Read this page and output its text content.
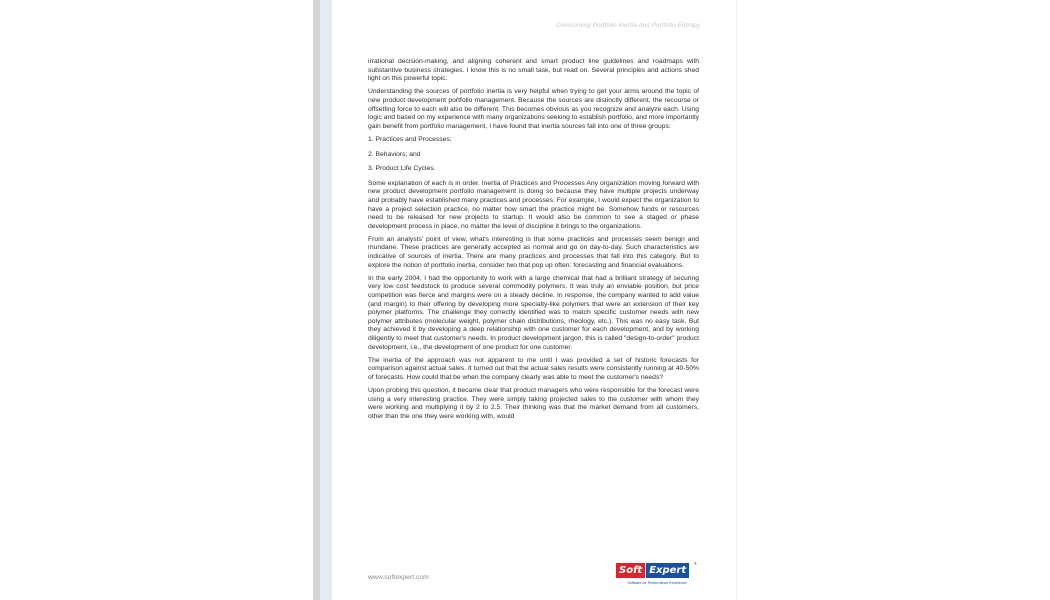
Overcoming Portfolio Inertia And Portfolio Entropy

irrational decision-making, and aligning coherent and smart product line guidelines and roadmaps with substantive business strategies. I know this is no small task, but read on. Several principles and actions shed light on this powerful topic.

Understanding the sources of portfolio inertia is very helpful when trying to get your arms around the topic of new product development portfolio management. Because the sources are distinctly different, the recourse or offsetting force to each will also be different. This becomes obvious as you recognize and analyze each. Using logic and based on my experience with many organizations seeking to establish portfolio, and more importantly gain benefit from portfolio management, I have found that inertia sources fall into one of three groups:

1. Practices and Processes;

2. Behaviors; and

3. Product Life Cycles.

Some explanation of each is in order. Inertia of Practices and Processes Any organization moving forward with new product development portfolio management is doing so because they have multiple projects underway and probably have established many practices and processes. For example, I would expect the organization to have a project selection practice, no matter how smart the practice might be. Somehow funds or resources need to be released for new projects to startup. It would also be common to see a staged or phase development process in place, no matter the level of discipline it brings to the organizations.

From an analysts' point of view, what's interesting is that some practices and processes seem benign and mundane. These practices are generally accepted as normal and go on day-to-day. Such characteristics are indicative of sources of inertia. There are many practices and processes that fall into this category. But to explore the notion of portfolio inertia, consider two that pop up often: forecasting and financial evaluations.

In the early 2004, I had the opportunity to work with a large chemical that had a brilliant strategy of securing very low cost feedstock to produce several commodity polymers. It was truly an enviable position, but price competition was fierce and margins were on a steady decline. In response, the company wanted to add value (and margin) to their offering by developing more specialty-like polymers that were an extension of their key polymer platforms. The challenge they correctly identified was to match specific customer needs with new polymer attributes (molecular weight, polymer chain distributions, rheology, etc.). This was no easy task. But they achieved it by developing a deep relationship with one customer for each development, and by working diligently to meet that customer's needs. In product development jargon, this is called "design-to-order" product development, i.e., the development of one product for one customer.

The inertia of the approach was not apparent to me until I was provided a set of historic forecasts for comparison against actual sales. It turned out that the actual sales results were consistently running at 40-50% of forecasts. How could that be when the company clearly was able to meet the customer's needs?

Upon probing this question, it became clear that product managers who were responsible for the forecast were using a very interesting practice. They were simply taking projected sales to the customer with whom they were working and multiplying it by 2 to 2.5. Their thinking was that the market demand from all customers, other than the one they were working with, would

www.softexpert.com
Soft Expert
®
Software for Performance Excellence
